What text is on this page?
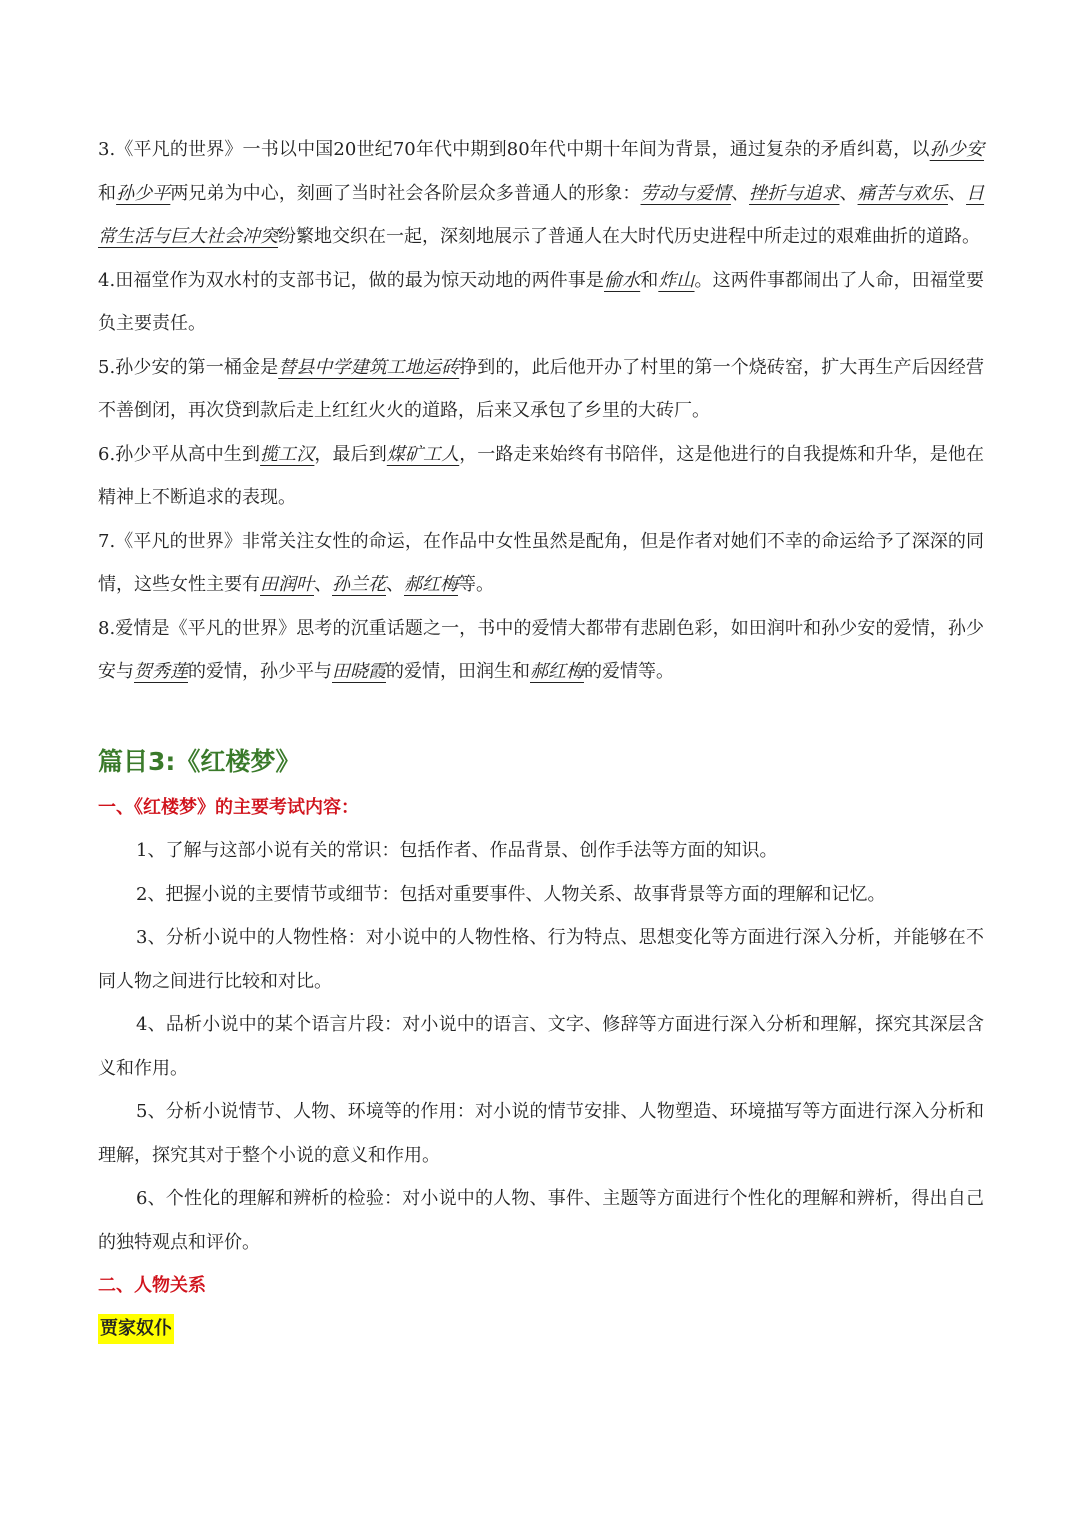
3.《平凡的世界》一书以中国20世纪70年代中期到80年代中期十年间为背景，通过复杂的矛盾纠葛，以孙少安和孙少平两兄弟为中心，刻画了当时社会各阶层众多普通人的形象：劳动与爱情、挫折与追求、痛苦与欢乐、日常生活与巨大社会冲突纷繁地交织在一起，深刻地展示了普通人在大时代历史进程中所走过的艰难曲折的道路。

4.田福堂作为双水村的支部书记，做的最为惊天动地的两件事是偷水和炸山。这两件事都闹出了人命，田福堂要负主要责任。

5.孙少安的第一桶金是替县中学建筑工地运砖挣到的，此后他开办了村里的第一个烧砖窑，扩大再生产后因经营不善倒闭，再次贷到款后走上红红火火的道路，后来又承包了乡里的大砖厂。

6.孙少平从高中生到揽工汉，最后到煤矿工人，一路走来始终有书陪伴，这是他进行的自我提炼和升华，是他在精神上不断追求的表现。

7.《平凡的世界》非常关注女性的命运，在作品中女性虽然是配角，但是作者对她们不幸的命运给予了深深的同情，这些女性主要有田润叶、孙兰花、郝红梅等。

8.爱情是《平凡的世界》思考的沉重话题之一，书中的爱情大都带有悲剧色彩，如田润叶和孙少安的爱情，孙少安与贺秀莲的爱情，孙少平与田晓霞的爱情，田润生和郝红梅的爱情等。

篇目3:《红楼梦》

一、《红楼梦》的主要考试内容：

1、了解与这部小说有关的常识：包括作者、作品背景、创作手法等方面的知识。

2、把握小说的主要情节或细节：包括对重要事件、人物关系、故事背景等方面的理解和记忆。

3、分析小说中的人物性格：对小说中的人物性格、行为特点、思想变化等方面进行深入分析，并能够在不同人物之间进行比较和对比。

4、品析小说中的某个语言片段：对小说中的语言、文字、修辞等方面进行深入分析和理解，探究其深层含义和作用。

5、分析小说情节、人物、环境等的作用：对小说的情节安排、人物塑造、环境描写等方面进行深入分析和理解，探究其对于整个小说的意义和作用。

6、个性化的理解和辨析的检验：对小说中的人物、事件、主题等方面进行个性化的理解和辨析，得出自己的独特观点和评价。

二、人物关系

贾家奴仆
